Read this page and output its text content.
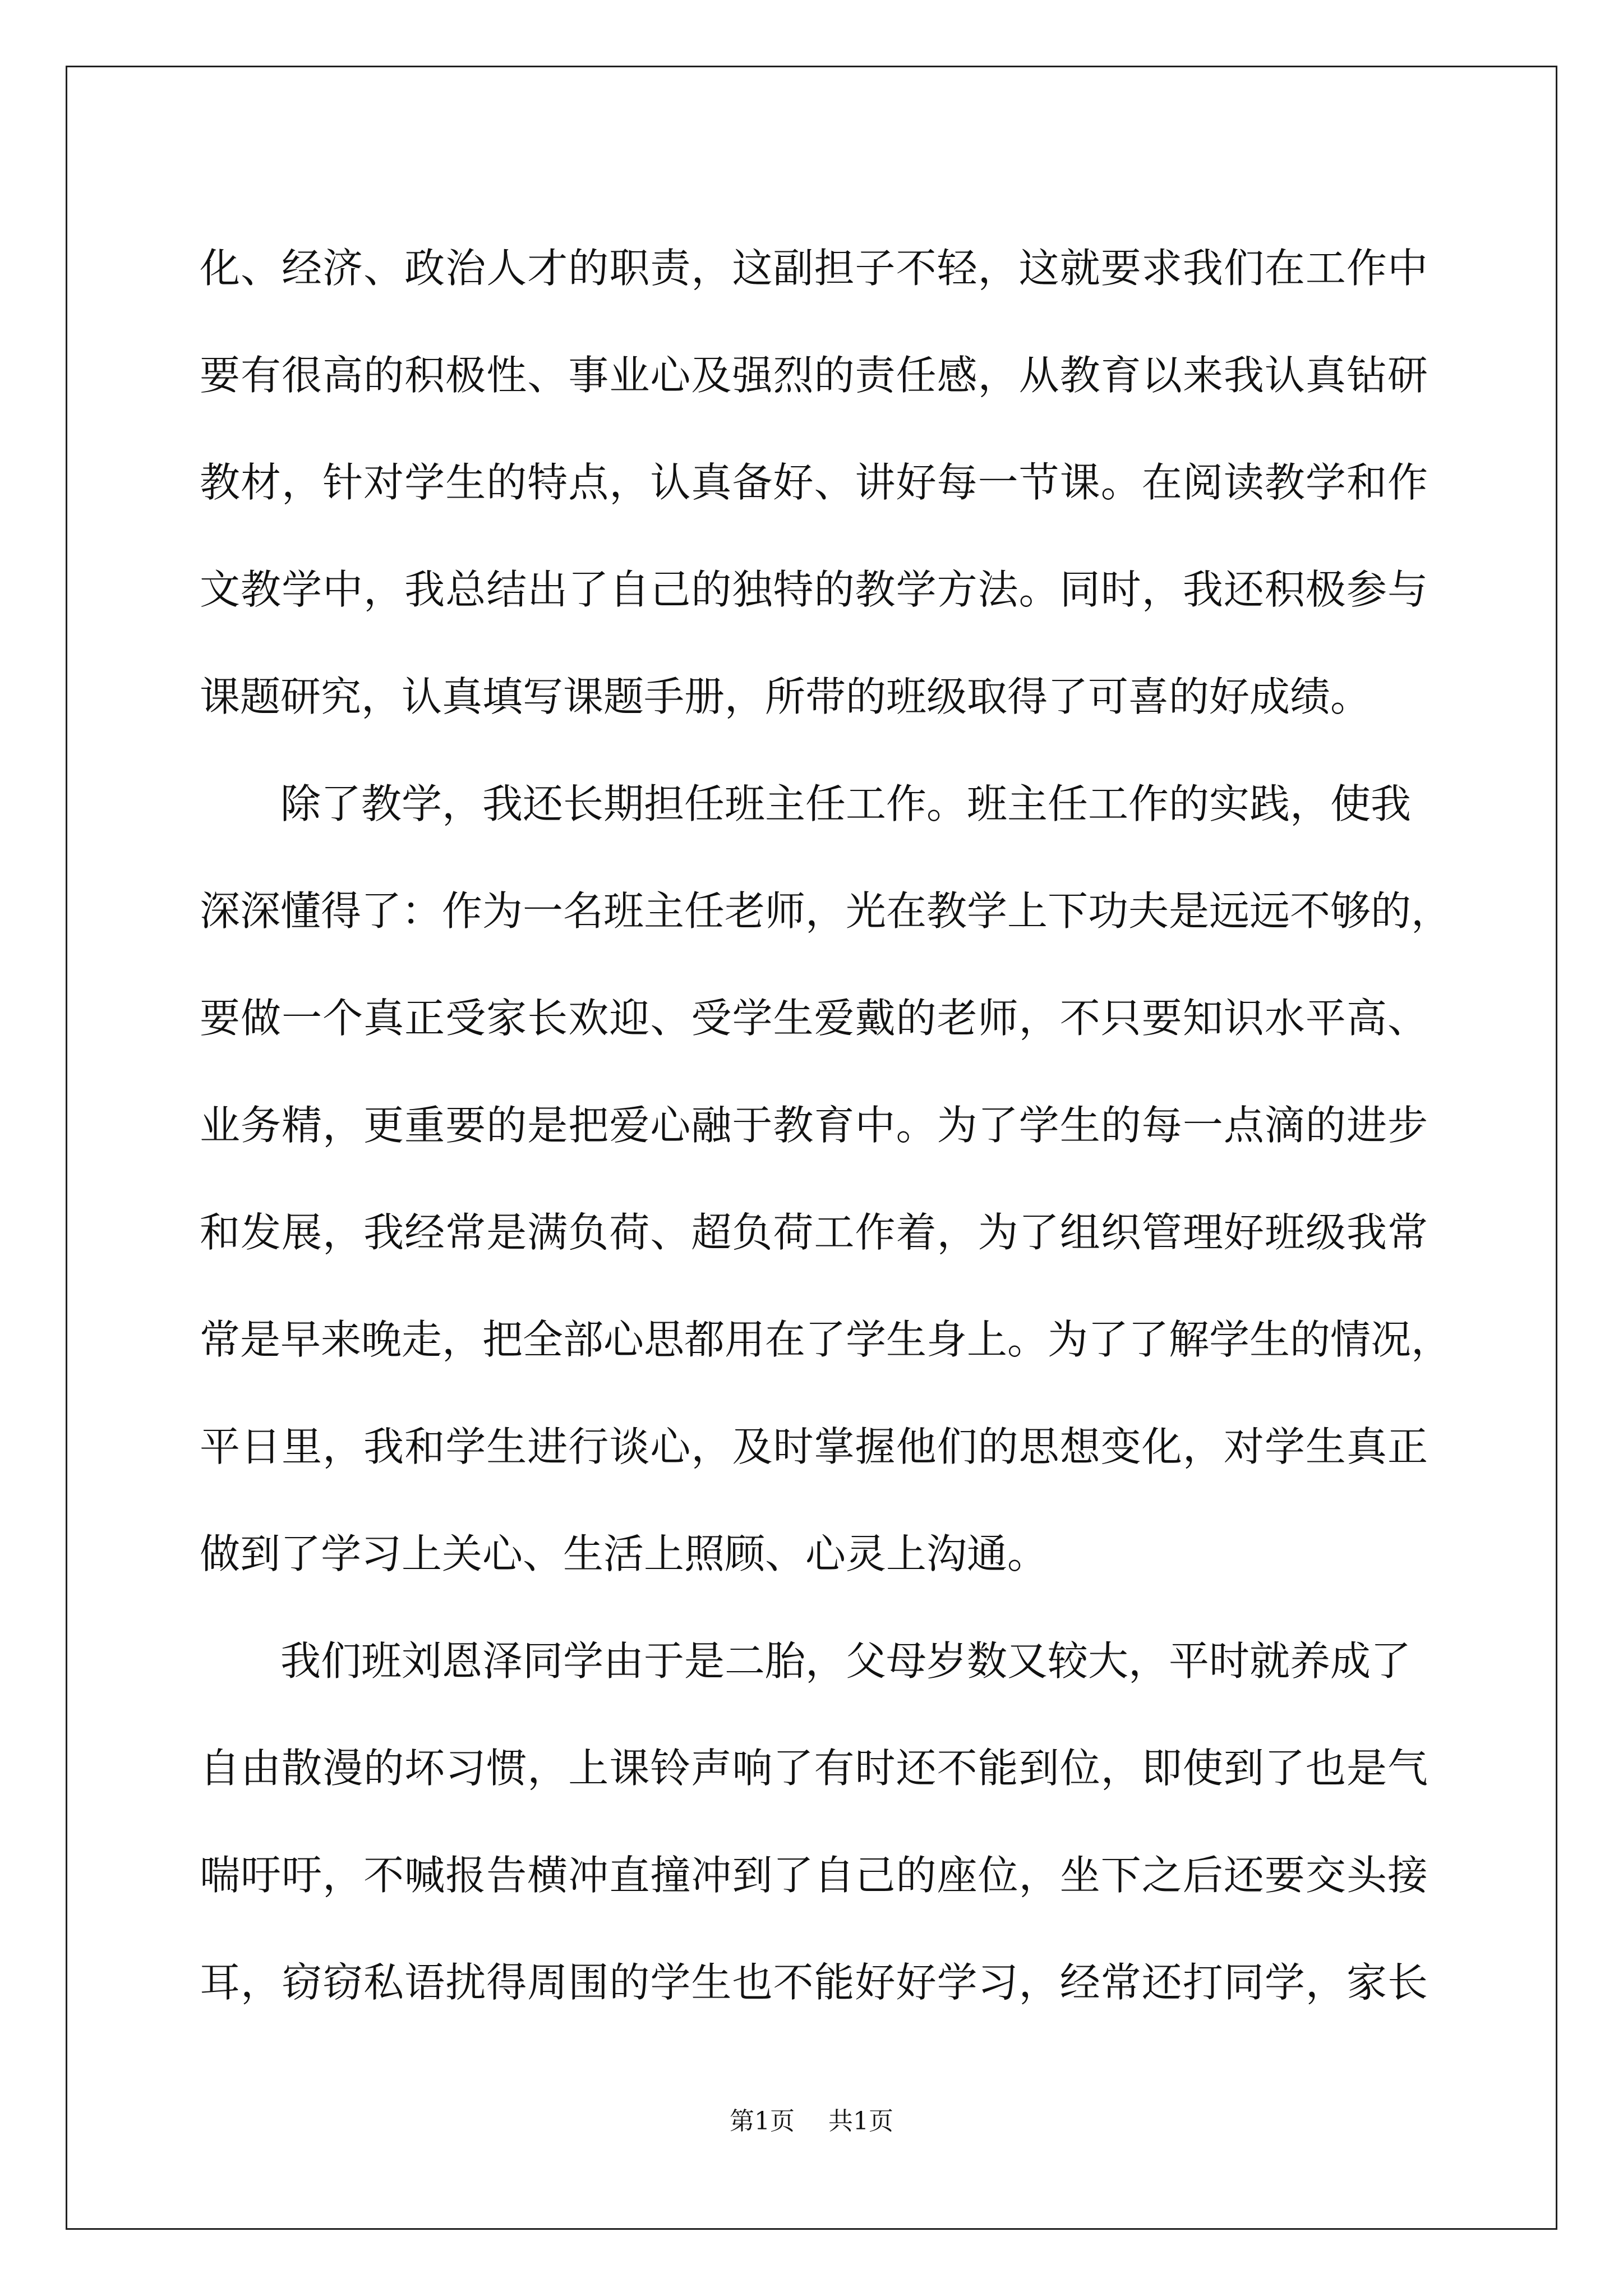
化、经济、政治人才的职责，这副担子不轻，这就要求我们在工作中
要有很高的积极性、事业心及强烈的责任感，从教育以来我认真钻研
教材，针对学生的特点，认真备好、讲好每一节课。在阅读教学和作
文教学中，我总结出了自己的独特的教学方法。同时，我还积极参与
课题研究，认真填写课题手册，所带的班级取得了可喜的好成绩。
除了教学，我还长期担任班主任工作。班主任工作的实践，使我
深深懂得了：作为一名班主任老师，光在教学上下功夫是远远不够的，
要做一个真正受家长欢迎、受学生爱戴的老师，不只要知识水平高、
业务精，更重要的是把爱心融于教育中。为了学生的每一点滴的进步
和发展，我经常是满负荷、超负荷工作着，为了组织管理好班级我常
常是早来晚走，把全部心思都用在了学生身上。为了了解学生的情况，
平日里，我和学生进行谈心，及时掌握他们的思想变化，对学生真正
做到了学习上关心、生活上照顾、心灵上沟通。
我们班刘恩泽同学由于是二胎，父母岁数又较大，平时就养成了
自由散漫的坏习惯，上课铃声响了有时还不能到位，即使到了也是气
喘吁吁，不喊报告横冲直撞冲到了自己的座位，坐下之后还要交头接
耳，窃窃私语扰得周围的学生也不能好好学习，经常还打同学，家长
第1页 共1页
